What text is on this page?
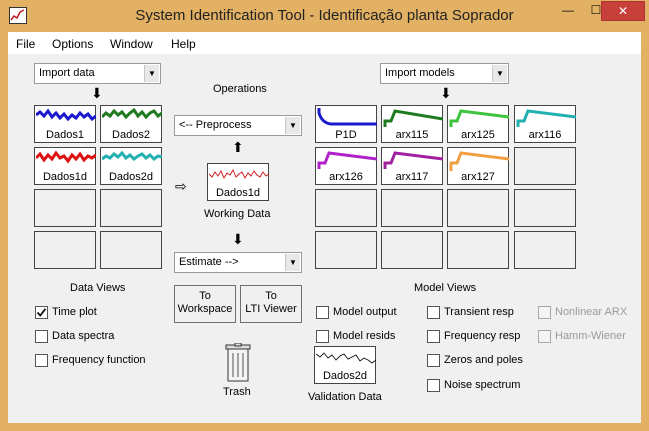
System Identification Tool - Identificação planta Soprador	—	☐	✕
File Options Window Help
Import data	▼
⬇
Dados1	Dados2
Dados1d	Dados2d
Data Views
Time plot
Data spectra
Frequency function
Operations
<-- Preprocess	▼
⬆
⇨	Dados1d
Working Data
⬇
Estimate -->	▼
To
Workspace
To
LTI Viewer
Trash
Dados2d
Validation Data
Import models	▼
⬇
P1D	arx115	arx125	arx116
arx126	arx117	arx127
Model Views
Model output
Model resids
Transient resp
Frequency resp
Zeros and poles
Noise spectrum
Nonlinear ARX
Hamm-Wiener
